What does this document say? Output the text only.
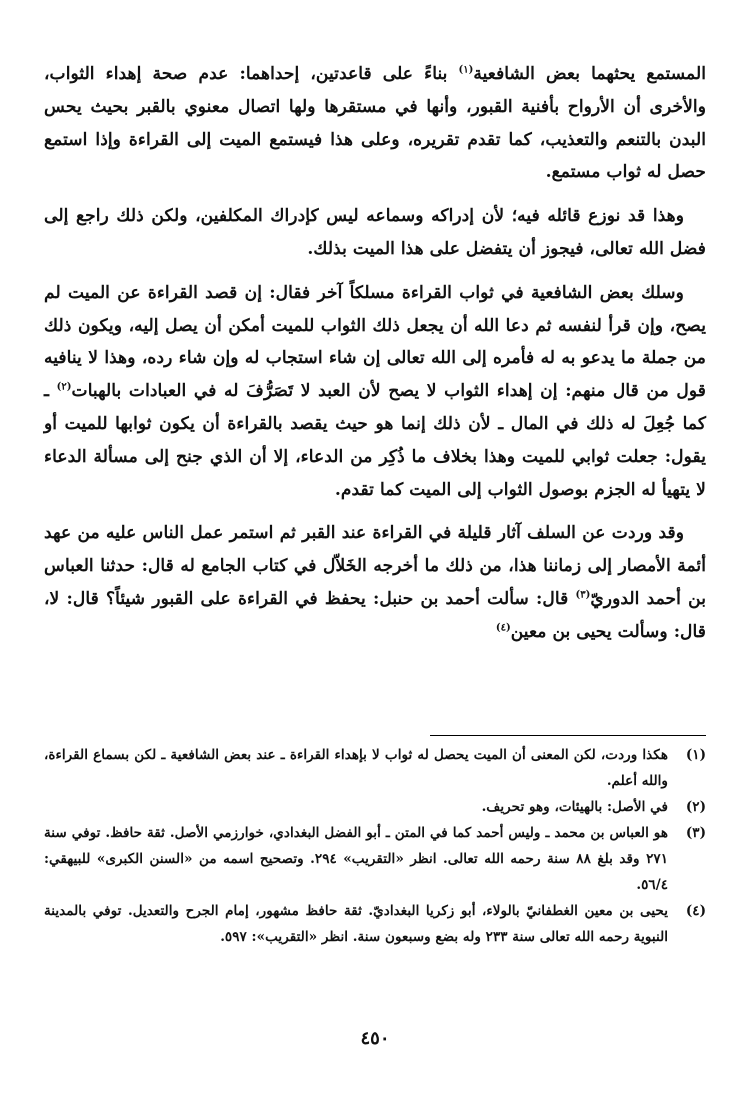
المستمع يحثهما بعض الشافعية$^{(١)}$ بناءً على قاعدتين، إحداهما: عدم صحة إهداء الثواب، والأخرى أن الأرواح بأفنية القبور، وأنها في مستقرها ولها اتصال معنوي بالقبر بحيث يحس البدن بالتنعم والتعذيب، كما تقدم تقريره، وعلى هذا فيستمع الميت إلى القراءة وإذا استمع حصل له ثواب مستمع.

وهذا قد نوزع قائله فيه؛ لأن إدراكه وسماعه ليس كإدراك المكلفين، ولكن ذلك راجع إلى فضل الله تعالى، فيجوز أن يتفضل على هذا الميت بذلك.

وسلك بعض الشافعية في ثواب القراءة مسلكاً آخر فقال: إن قصد القراءة عن الميت لم يصح، وإن قرأ لنفسه ثم دعا الله أن يجعل ذلك الثواب للميت أمكن أن يصل إليه، ويكون ذلك من جملة ما يدعو به له فأمره إلى الله تعالى إن شاء استجاب له وإن شاء رده، وهذا لا ينافيه قول من قال منهم: إن إهداء الثواب لا يصح لأن العبد لا تَصَرُّفَ له في العبادات بالهبات$^{(٢)}$ ـ كما جُعِلَ له ذلك في المال ـ لأن ذلك إنما هو حيث يقصد بالقراءة أن يكون ثوابها للميت أو يقول: جعلت ثوابي للميت وهذا بخلاف ما ذُكِر من الدعاء، إلا أن الذي جنح إلى مسألة الدعاء لا يتهيأ له الجزم بوصول الثواب إلى الميت كما تقدم.

وقد وردت عن السلف آثار قليلة في القراءة عند القبر ثم استمر عمل الناس عليه من عهد أئمة الأمصار إلى زماننا هذا، من ذلك ما أخرجه الخَلاّل في كتاب الجامع له قال: حدثنا العباس بن أحمد الدوريّ$^{(٣)}$ قال: سألت أحمد بن حنبل: يحفظ في القراءة على القبور شيئاً؟ قال: لا، قال: وسألت يحيى بن معين$^{(٤)}$

(١)
هكذا وردت، لكن المعنى أن الميت يحصل له ثواب لا بإهداء القراءة ـ عند بعض الشافعية ـ لكن بسماع القراءة، والله أعلم.
(٢)
في الأصل: بالهيئات، وهو تحريف.
(٣)
هو العباس بن محمد ـ وليس أحمد كما في المتن ـ أبو الفضل البغدادي، خوارزمي الأصل. ثقة حافظ. توفي سنة ٢٧١ وقد بلغ ٨٨ سنة رحمه الله تعالى. انظر «التقريب» ٢٩٤. وتصحيح اسمه من «السنن الكبرى» للبيهقي: ٥٦/٤.
(٤)
يحيى بن معين الغطفانيّ بالولاء، أبو زكريا البغداديّ. ثقة حافظ مشهور، إمام الجرح والتعديل. توفي بالمدينة النبوية رحمه الله تعالى سنة ٢٣٣ وله بضع وسبعون سنة. انظر «التقريب»: ٥٩٧.
٤٥٠
